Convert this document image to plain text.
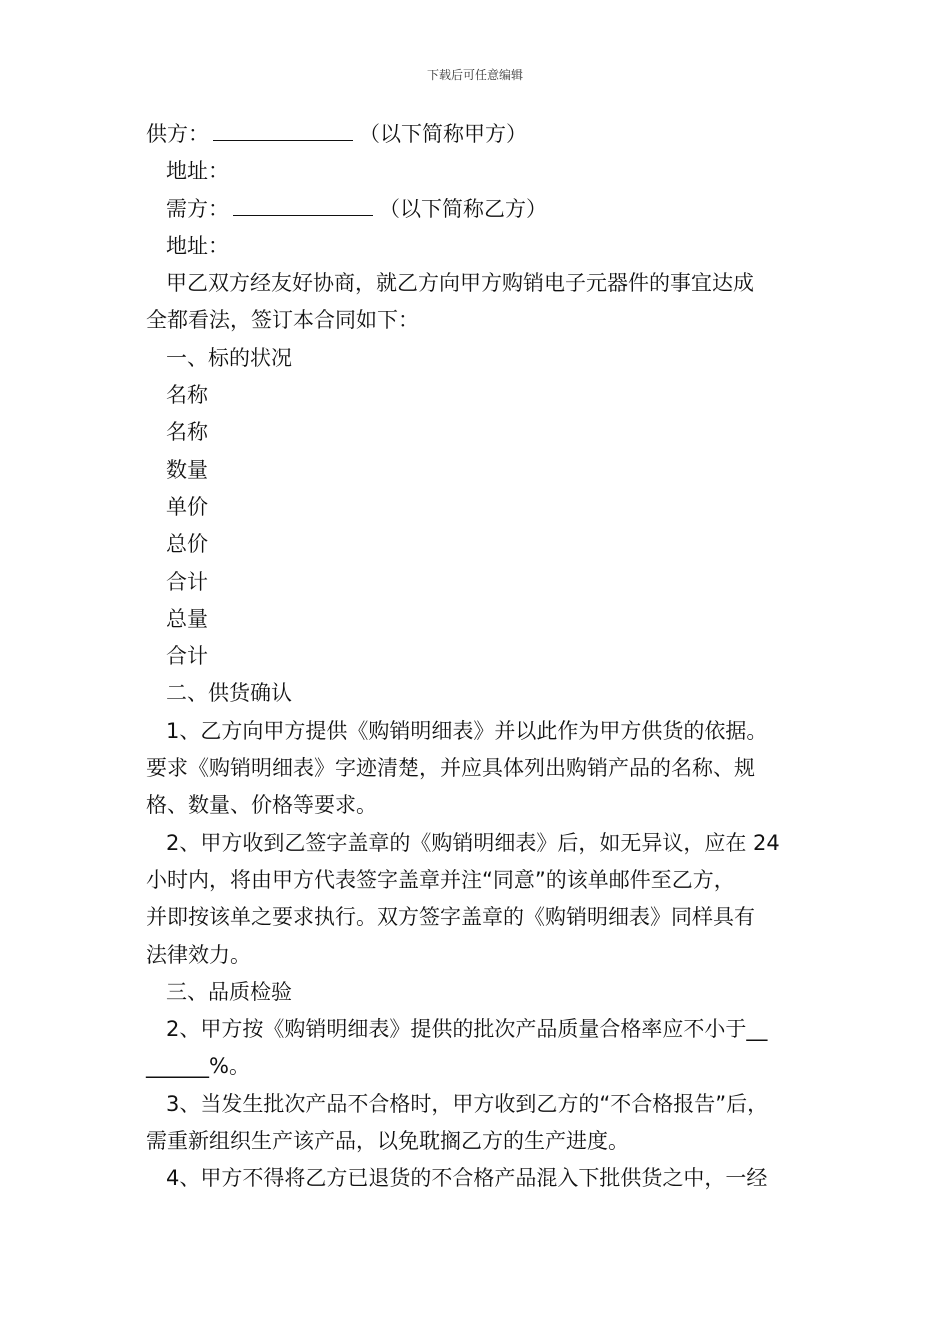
下载后可任意编辑
供方：	（以下简称甲方）
地址：
需方：	（以下简称乙方）
地址：
甲乙双方经友好协商，就乙方向甲方购销电子元器件的事宜达成
全都看法，签订本合同如下：
一、标的状况
名称
名称
数量
单价
总价
合计
总量
合计
二、供货确认
1、乙方向甲方提供《购销明细表》并以此作为甲方供货的依据。
要求《购销明细表》字迹清楚，并应具体列出购销产品的名称、规
格、数量、价格等要求。
2、甲方收到乙签字盖章的《购销明细表》后，如无异议，应在 24
小时内，将由甲方代表签字盖章并注“同意”的该单邮件至乙方，
并即按该单之要求执行。双方签字盖章的《购销明细表》同样具有
法律效力。
三、品质检验
2、甲方按《购销明细表》提供的批次产品质量合格率应不小于__
______%。
3、当发生批次产品不合格时，甲方收到乙方的“不合格报告”后，
需重新组织生产该产品，以免耽搁乙方的生产进度。
4、甲方不得将乙方已退货的不合格产品混入下批供货之中，一经
